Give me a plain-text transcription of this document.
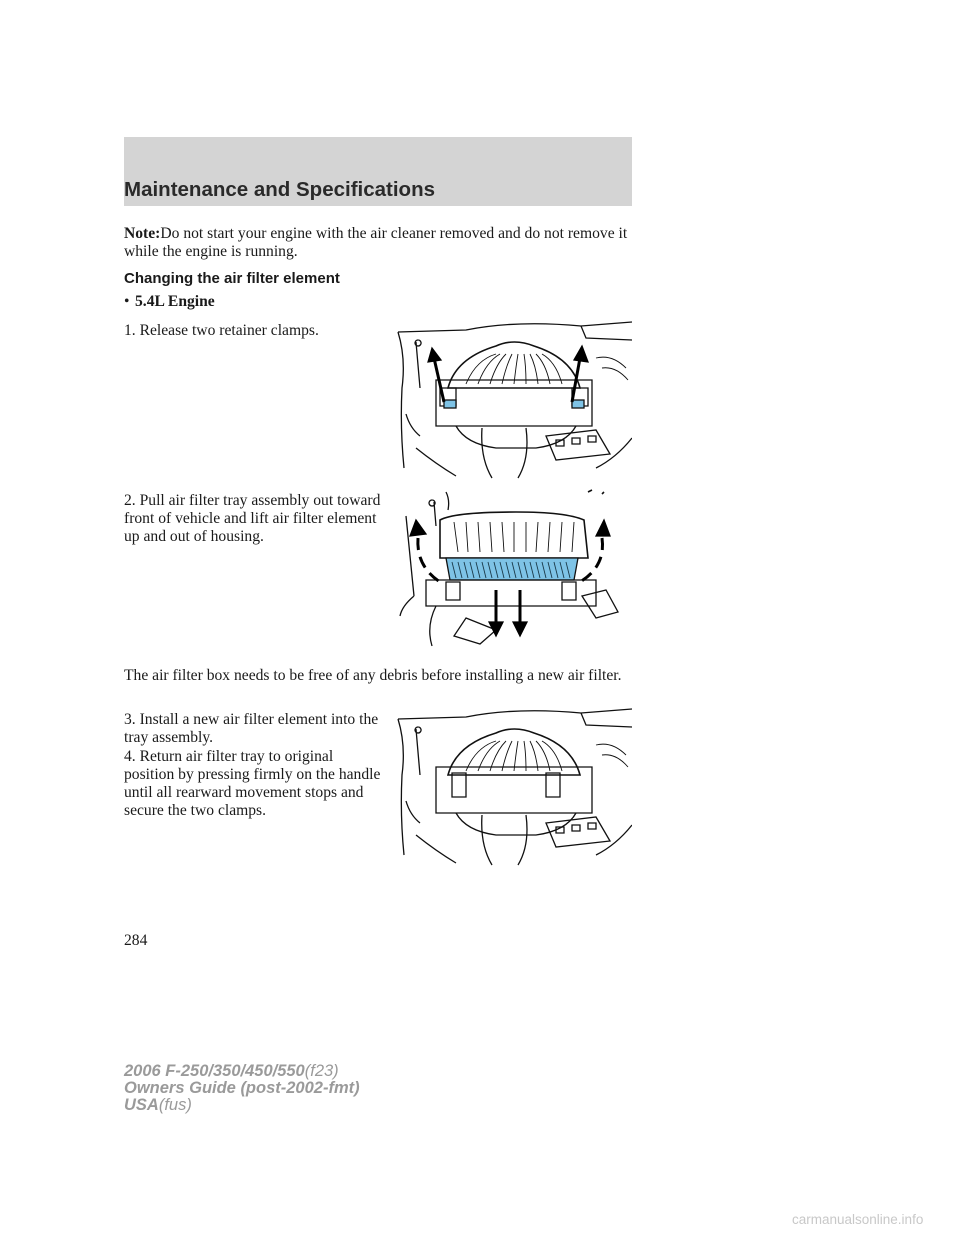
Maintenance and Specifications

Note:Do not start your engine with the air cleaner removed and do not remove it while the engine is running.

Changing the air filter element

• 5.4L Engine

1. Release two retainer clamps.

2. Pull air filter tray assembly out toward front of vehicle and lift air filter element up and out of housing.

The air filter box needs to be free of any debris before installing a new air filter.

3. Install a new air filter element into the tray assembly.

4. Return air filter tray to original position by pressing firmly on the handle until all rearward movement stops and secure the two clamps.

284

2006 F-250/350/450/550(f23)
Owners Guide (post-2002-fmt)
USA(fus)
carmanualsonline.info
